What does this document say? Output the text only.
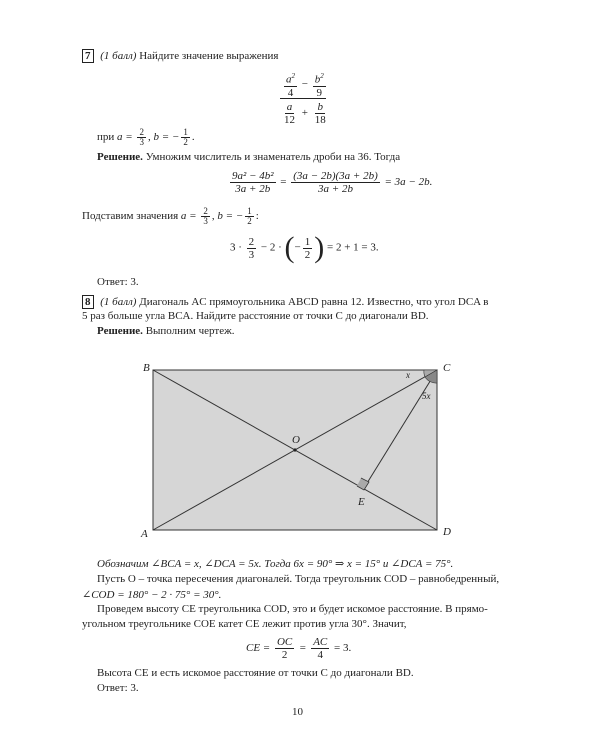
7 (1 балл) Найдите значение выражения
$\frac{a^2}{4} - \frac{b^2}{9}$
$\frac{a}{12} + \frac{b}{18}$
при $a = \frac{2}{3}$ , b = − $\frac{1}{2}$ .
Решение. Умножим числитель и знаменатель дроби на 36. Тогда
$\frac{\text{9a² − 4b²}}{3a + 2b} = \frac{(3a - 2b)(3a + 2b)}{3a + 2b} = 3a - 2b$.
Подставим значения $a = \frac{2}{3}$ , b = − $\frac{1}{2}$ :
$3 \cdot \frac{2}{3} - 2$ · (− $\frac{1}{2}$ ) = 2 + 1 = 3.
Ответ: 3.
8 (1 балл) Диагональ AC прямоугольника ABCD равна 12. Известно, что угол DCA в
5 раз больше угла BCA. Найдите расстояние от точки C до диагонали BD.
Решение. Выполним чертеж.
B	C
A	D
O
E
x
5x
Обозначим ∠BCA = x, ∠DCA = 5x. Тогда 6x = 90° ⇒ x = 15° и ∠DCA = 75°.
Пусть O – точка пересечения диагоналей. Тогда треугольник COD – равнобедренный,
∠COD = 180° − 2 · 75° = 30°.
Проведем высоту CE треугольника COD, это и будет искомое расстояние. В прямо-
угольном треугольнике COE катет CE лежит против угла 30°. Значит,
CE = $\frac{OC}{2} = \frac{AC}{4} = 3$.
Высота CE и есть искомое расстояние от точки C до диагонали BD.
Ответ: 3.
10
